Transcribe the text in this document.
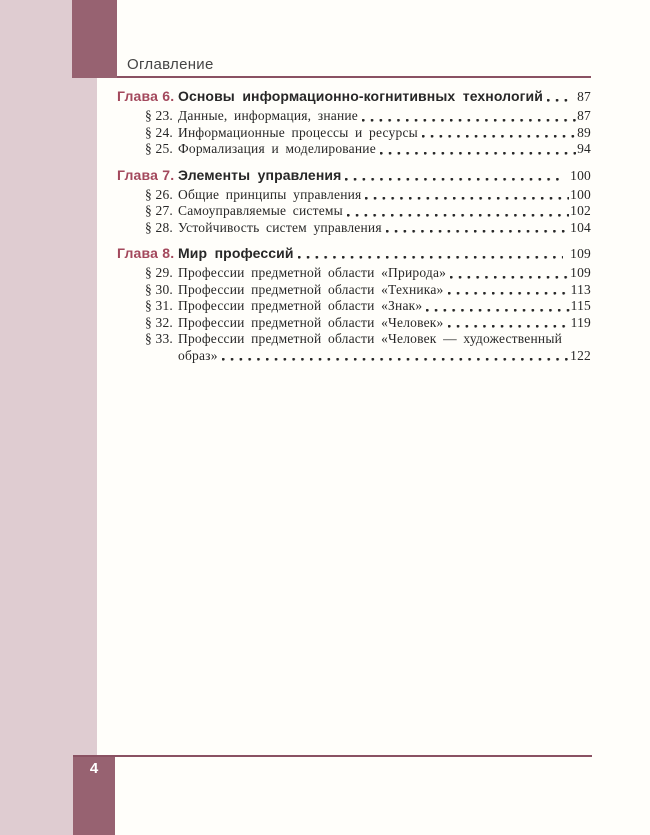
Оглавление
Глава 6. Основы информационно-когнитивных технологий	87
§ 23. Данные, информация, знание	87
§ 24. Информационные процессы и ресурсы	89
§ 25. Формализация и моделирование	94
Глава 7. Элементы управления	100
§ 26. Общие принципы управления	100
§ 27. Самоуправляемые системы	102
§ 28. Устойчивость систем управления	104
Глава 8. Мир профессий	109
§ 29. Профессии предметной области «Природа»	109
§ 30. Профессии предметной области «Техника»	113
§ 31. Профессии предметной области «Знак»	115
§ 32. Профессии предметной области «Человек»	119
§ 33. Профессии предметной области «Человек — художественный
образ»	122
4
